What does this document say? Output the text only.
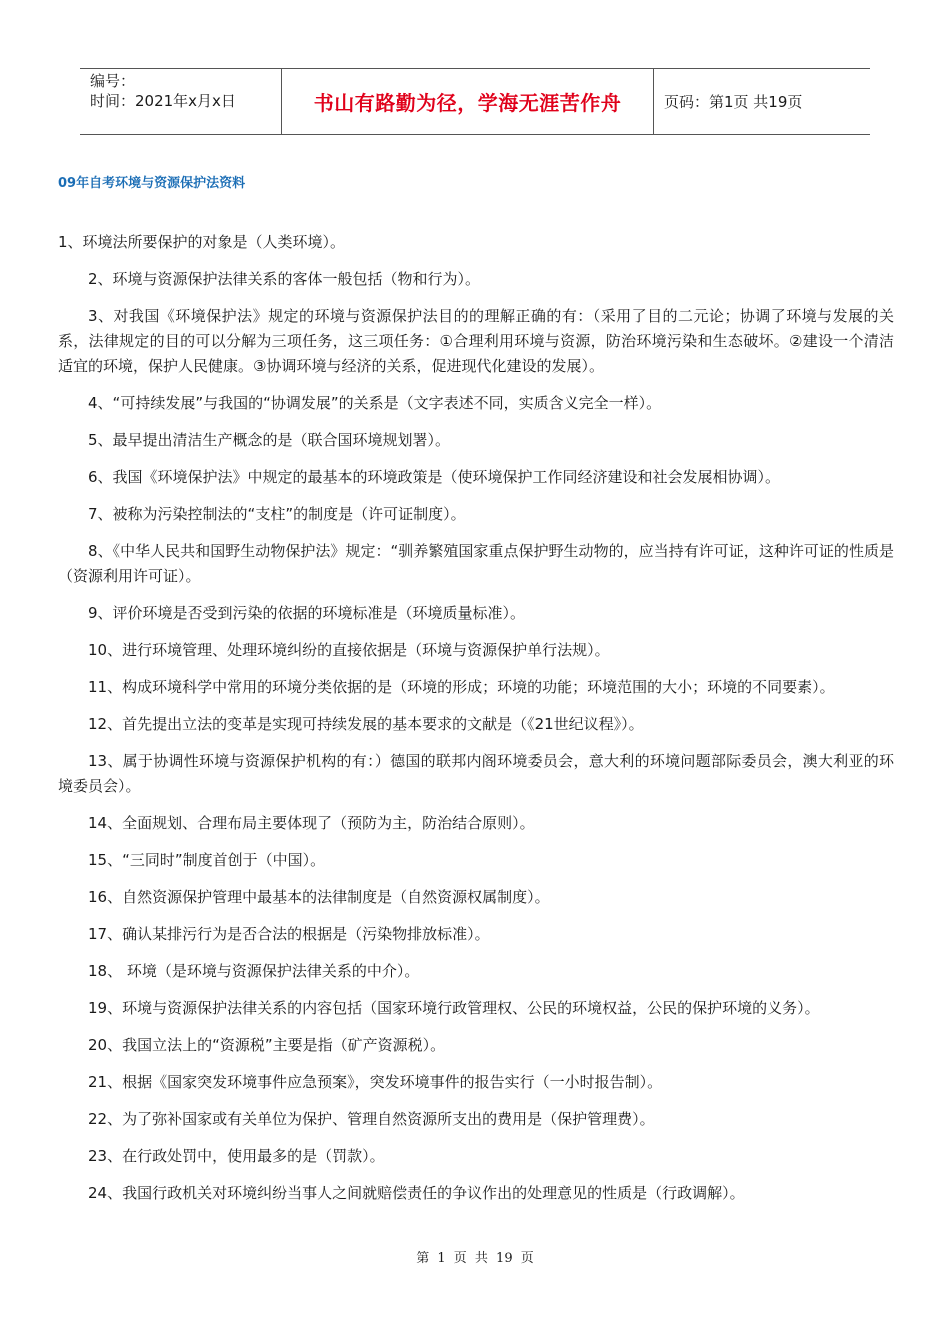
编号：
时间：2021年x月x日	书山有路勤为径，学海无涯苦作舟	页码：第1页 共19页
09年自考环境与资源保护法资料

1、环境法所要保护的对象是（人类环境）。

2、环境与资源保护法律关系的客体一般包括（物和行为）。

3、对我国《环境保护法》规定的环境与资源保护法目的的理解正确的有：（采用了目的二元论；协调了环境与发展的关系，法律规定的目的可以分解为三项任务，这三项任务：①合理利用环境与资源，防治环境污染和生态破坏。②建设一个清洁适宜的环境，保护人民健康。③协调环境与经济的关系，促进现代化建设的发展）。

4、“可持续发展”与我国的“协调发展”的关系是（文字表述不同，实质含义完全一样）。

5、最早提出清洁生产概念的是（联合国环境规划署）。

6、我国《环境保护法》中规定的最基本的环境政策是（使环境保护工作同经济建设和社会发展相协调）。

7、被称为污染控制法的“支柱”的制度是（许可证制度）。

8、《中华人民共和国野生动物保护法》规定：“驯养繁殖国家重点保护野生动物的，应当持有许可证，这种许可证的性质是（资源利用许可证）。

9、评价环境是否受到污染的依据的环境标准是（环境质量标准）。

10、进行环境管理、处理环境纠纷的直接依据是（环境与资源保护单行法规）。

11、构成环境科学中常用的环境分类依据的是（环境的形成；环境的功能；环境范围的大小；环境的不同要素）。

12、首先提出立法的变革是实现可持续发展的基本要求的文献是（《21世纪议程》）。

13、属于协调性环境与资源保护机构的有：）德国的联邦内阁环境委员会，意大利的环境问题部际委员会，澳大利亚的环境委员会）。

14、全面规划、合理布局主要体现了（预防为主，防治结合原则）。

15、“三同时”制度首创于（中国）。

16、自然资源保护管理中最基本的法律制度是（自然资源权属制度）。

17、确认某排污行为是否合法的根据是（污染物排放标准）。

18、 环境（是环境与资源保护法律关系的中介）。

19、环境与资源保护法律关系的内容包括（国家环境行政管理权、公民的环境权益，公民的保护环境的义务）。

20、我国立法上的“资源税”主要是指（矿产资源税）。

21、根据《国家突发环境事件应急预案》，突发环境事件的报告实行（一小时报告制）。

22、为了弥补国家或有关单位为保护、管理自然资源所支出的费用是（保护管理费）。

23、在行政处罚中，使用最多的是（罚款）。

24、我国行政机关对环境纠纷当事人之间就赔偿责任的争议作出的处理意见的性质是（行政调解）。

第 1 页 共 19 页
